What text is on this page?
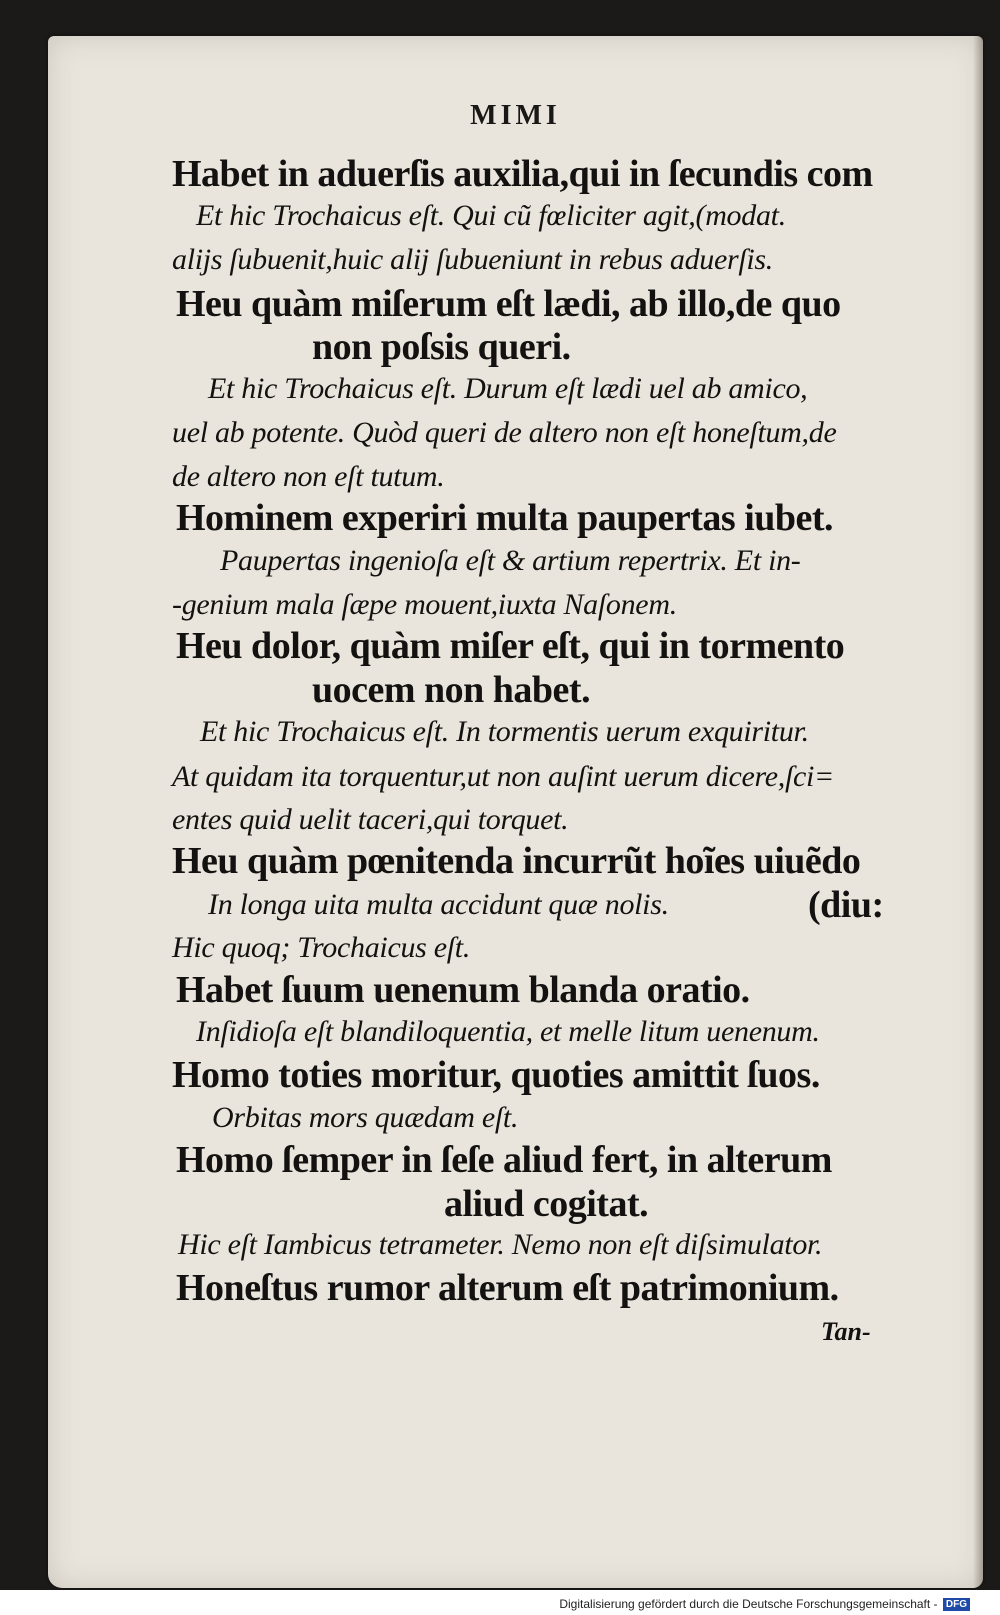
MIMI
Habet in aduerſis auxilia,qui in ſecundis com
Et hic Trochaicus eſt. Qui cũ fœliciter agit,(modat.
alijs ſubuenit,huic alij ſubueniunt in rebus aduerſis.
Heu quàm miſerum eſt lædi, ab illo,de quo
non poſsis queri.
Et hic Trochaicus eſt. Durum eſt lædi uel ab amico,
uel ab potente. Quòd queri de altero non eſt honeſtum,de
de altero non eſt tutum.
Hominem experiri multa paupertas iubet.
Paupertas ingenioſa eſt & artium repertrix. Et in-
-genium mala ſæpe mouent,iuxta Naſonem.
Heu dolor, quàm miſer eſt, qui in tormento
uocem non habet.
Et hic Trochaicus eſt. In tormentis uerum exquiritur.
At quidam ita torquentur,ut non auſint uerum dicere,ſci=
entes quid uelit taceri,qui torquet.
Heu quàm pœnitenda incurrũt hoĩes uiuẽdo
In longa uita multa accidunt quæ nolis.	(diu:
Hic quoq; Trochaicus eſt.
Habet ſuum uenenum blanda oratio.
Inſidioſa eſt blandiloquentia, et melle litum uenenum.
Homo toties moritur, quoties amittit ſuos.
Orbitas mors quædam eſt.
Homo ſemper in ſeſe aliud fert, in alterum
aliud cogitat.
Hic eſt Iambicus tetrameter. Nemo non eſt diſsimulator.
Honeſtus rumor alterum eſt patrimonium.
Tan-
Digitalisierung gefördert durch die Deutsche Forschungsgemeinschaft - DFG
